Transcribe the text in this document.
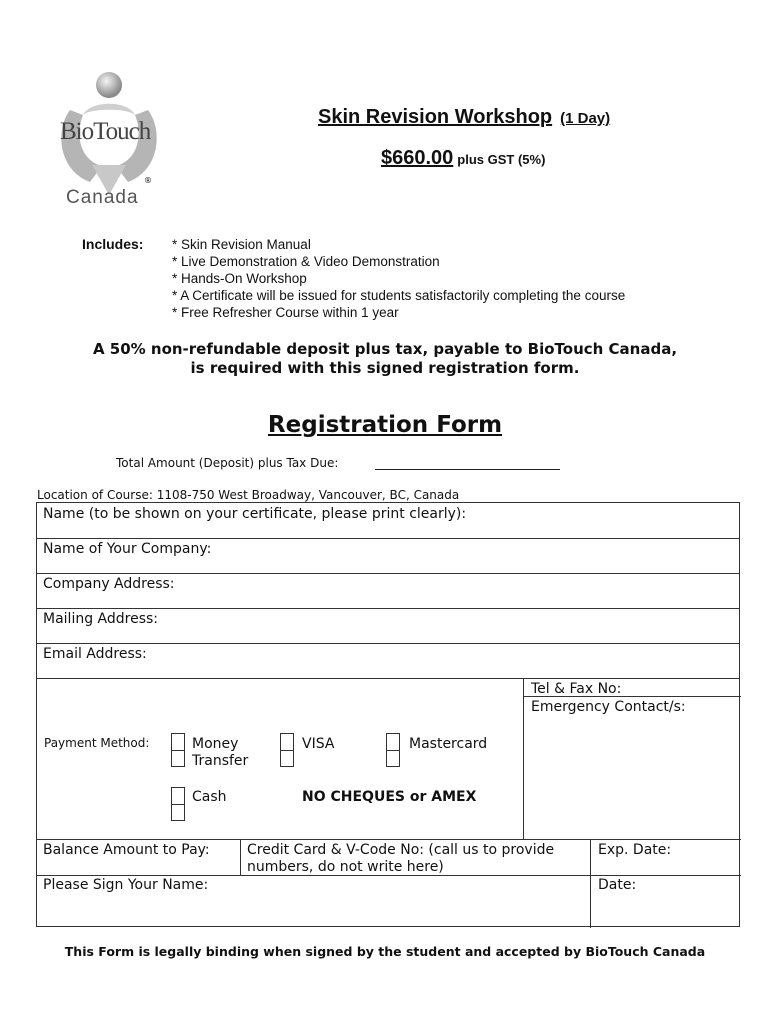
BioTouch
®
Canada
Skin Revision Workshop (1 Day)
$660.00 plus GST (5%)
Includes: * Skin Revision Manual
* Live Demonstration & Video Demonstration
* Hands-On Workshop
* A Certificate will be issued for students satisfactorily completing the course
* Free Refresher Course within 1 year
A 50% non-refundable deposit plus tax, payable to BioTouch Canada,
is required with this signed registration form.
Registration Form
Total Amount (Deposit) plus Tax Due:
Location of Course: 1108-750 West Broadway, Vancouver, BC, Canada
Name (to be shown on your certificate, please print clearly):
Name of Your Company:
Company Address:
Mailing Address:
Email Address:
Tel & Fax No:
Emergency Contact/s:
Payment Method:	Money
Transfer
VISA	Mastercard
Cash	NO CHEQUES or AMEX
Balance Amount to Pay:	Credit Card & V-Code No: (call us to provide
numbers, do not write here)
Exp. Date:
Please Sign Your Name:	Date:
This Form is legally binding when signed by the student and accepted by BioTouch Canada
